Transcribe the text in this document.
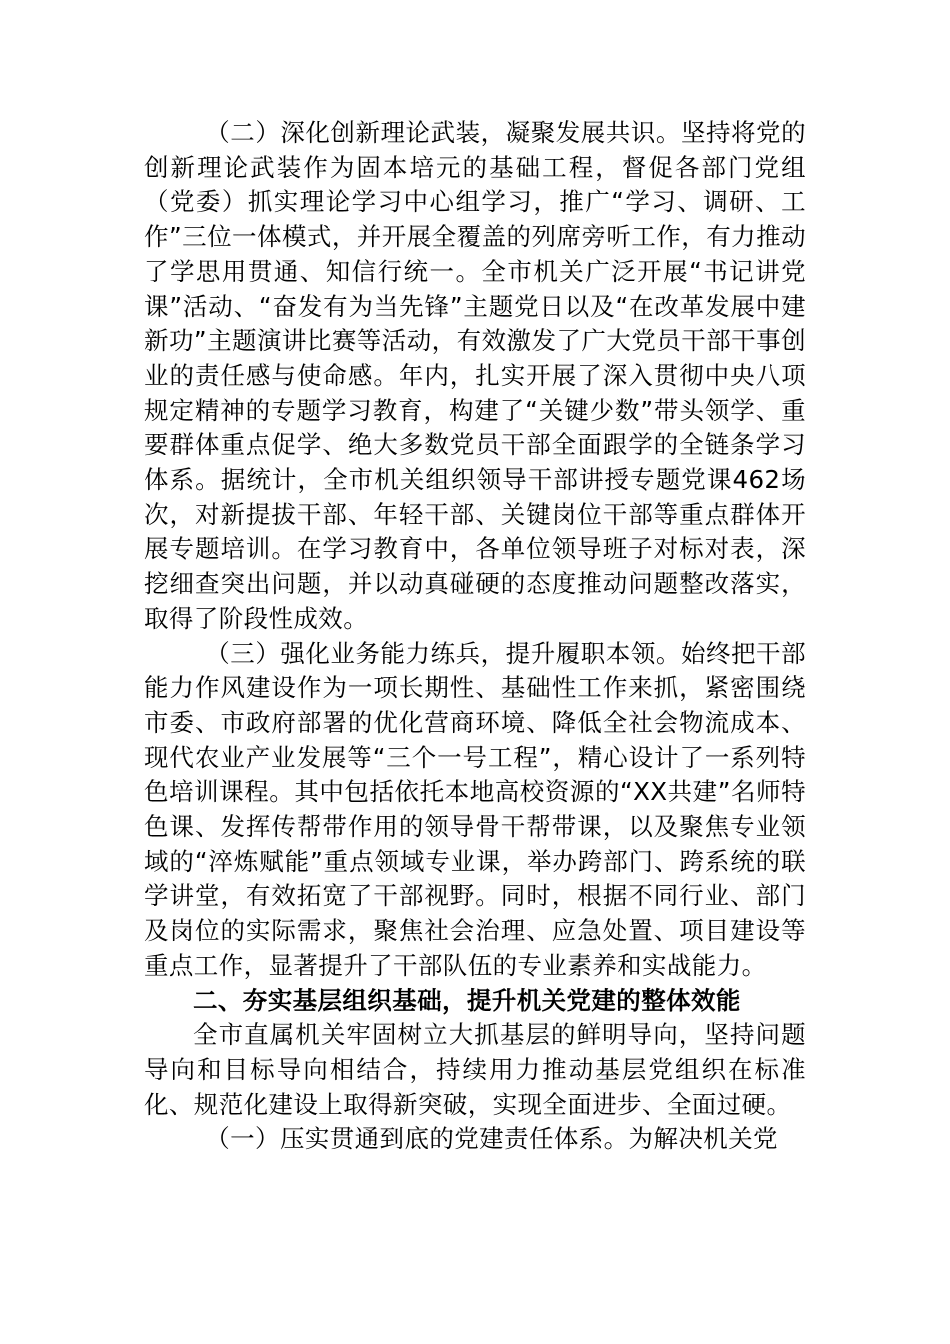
（二）深化创新理论武装，凝聚发展共识。坚持将党的创新理论武装作为固本培元的基础工程，督促各部门党组（党委）抓实理论学习中心组学习，推广“学习、调研、工作”三位一体模式，并开展全覆盖的列席旁听工作，有力推动了学思用贯通、知信行统一。全市机关广泛开展“书记讲党课”活动、“奋发有为当先锋”主题党日以及“在改革发展中建新功”主题演讲比赛等活动，有效激发了广大党员干部干事创业的责任感与使命感。年内，扎实开展了深入贯彻中央八项规定精神的专题学习教育，构建了“关键少数”带头领学、重要群体重点促学、绝大多数党员干部全面跟学的全链条学习体系。据统计，全市机关组织领导干部讲授专题党课462场次，对新提拔干部、年轻干部、关键岗位干部等重点群体开展专题培训。在学习教育中，各单位领导班子对标对表，深挖细查突出问题，并以动真碰硬的态度推动问题整改落实，取得了阶段性成效。

（三）强化业务能力练兵，提升履职本领。始终把干部能力作风建设作为一项长期性、基础性工作来抓，紧密围绕市委、市政府部署的优化营商环境、降低全社会物流成本、现代农业产业发展等“三个一号工程”，精心设计了一系列特色培训课程。其中包括依托本地高校资源的“XX共建”名师特色课、发挥传帮带作用的领导骨干帮带课，以及聚焦专业领域的“淬炼赋能”重点领域专业课，举办跨部门、跨系统的联学讲堂，有效拓宽了干部视野。同时，根据不同行业、部门及岗位的实际需求，聚焦社会治理、应急处置、项目建设等重点工作，显著提升了干部队伍的专业素养和实战能力。

二、夯实基层组织基础，提升机关党建的整体效能

全市直属机关牢固树立大抓基层的鲜明导向，坚持问题导向和目标导向相结合，持续用力推动基层党组织在标准化、规范化建设上取得新突破，实现全面进步、全面过硬。

（一）压实贯通到底的党建责任体系。为解决机关党
